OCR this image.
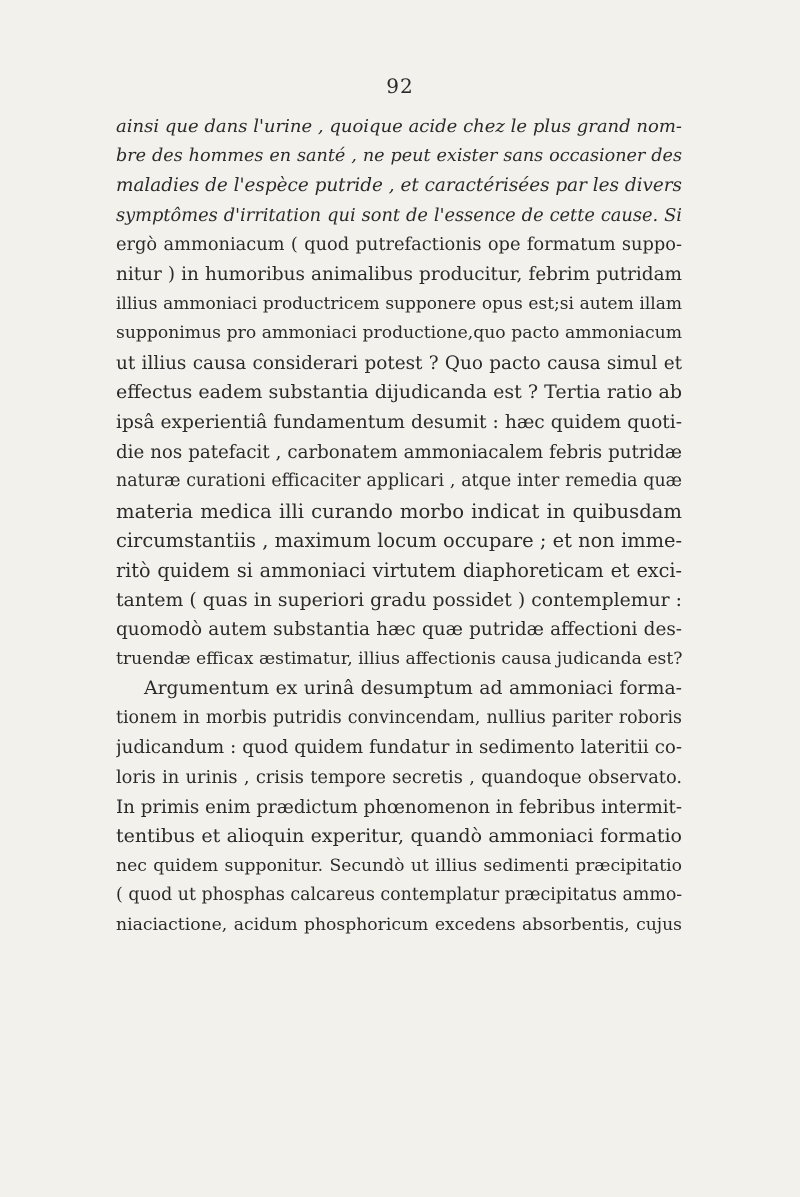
92
ainsi que dans l'urine , quoique acide chez le plus grand nom-
bre des hommes en santé , ne peut exister sans occasioner des
maladies de l'espèce putride , et caractérisées par les divers
symptômes d'irritation qui sont de l'essence de cette cause. Si
ergò ammoniacum ( quod putrefactionis ope formatum suppo-
nitur ) in humoribus animalibus producitur, febrim putridam
illius ammoniaci productricem supponere opus est;si autem illam
supponimus pro ammoniaci productione,quo pacto ammoniacum
ut illius causa considerari potest ? Quo pacto causa simul et
effectus eadem substantia dijudicanda est ? Tertia ratio ab
ipsâ experientiâ fundamentum desumit : hæc quidem quoti-
die nos patefacit , carbonatem ammoniacalem febris putridæ
naturæ curationi efficaciter applicari , atque inter remedia quæ
materia medica illi curando morbo indicat in quibusdam
circumstantiis , maximum locum occupare ; et non imme-
ritò quidem si ammoniaci virtutem diaphoreticam et exci-
tantem ( quas in superiori gradu possidet ) contemplemur :
quomodò autem substantia hæc quæ putridæ affectioni des-
truendæ efficax æstimatur, illius affectionis causa judicanda est?
Argumentum ex urinâ desumptum ad ammoniaci forma-
tionem in morbis putridis convincendam, nullius pariter roboris
judicandum : quod quidem fundatur in sedimento lateritii co-
loris in urinis , crisis tempore secretis , quandoque observato.
In primis enim prædictum phœnomenon in febribus intermit-
tentibus et alioquin experitur, quandò ammoniaci formatio
nec quidem supponitur. Secundò ut illius sedimenti præcipitatio
( quod ut phosphas calcareus contemplatur præcipitatus ammo-
niaciactione, acidum phosphoricum excedens absorbentis, cujus
